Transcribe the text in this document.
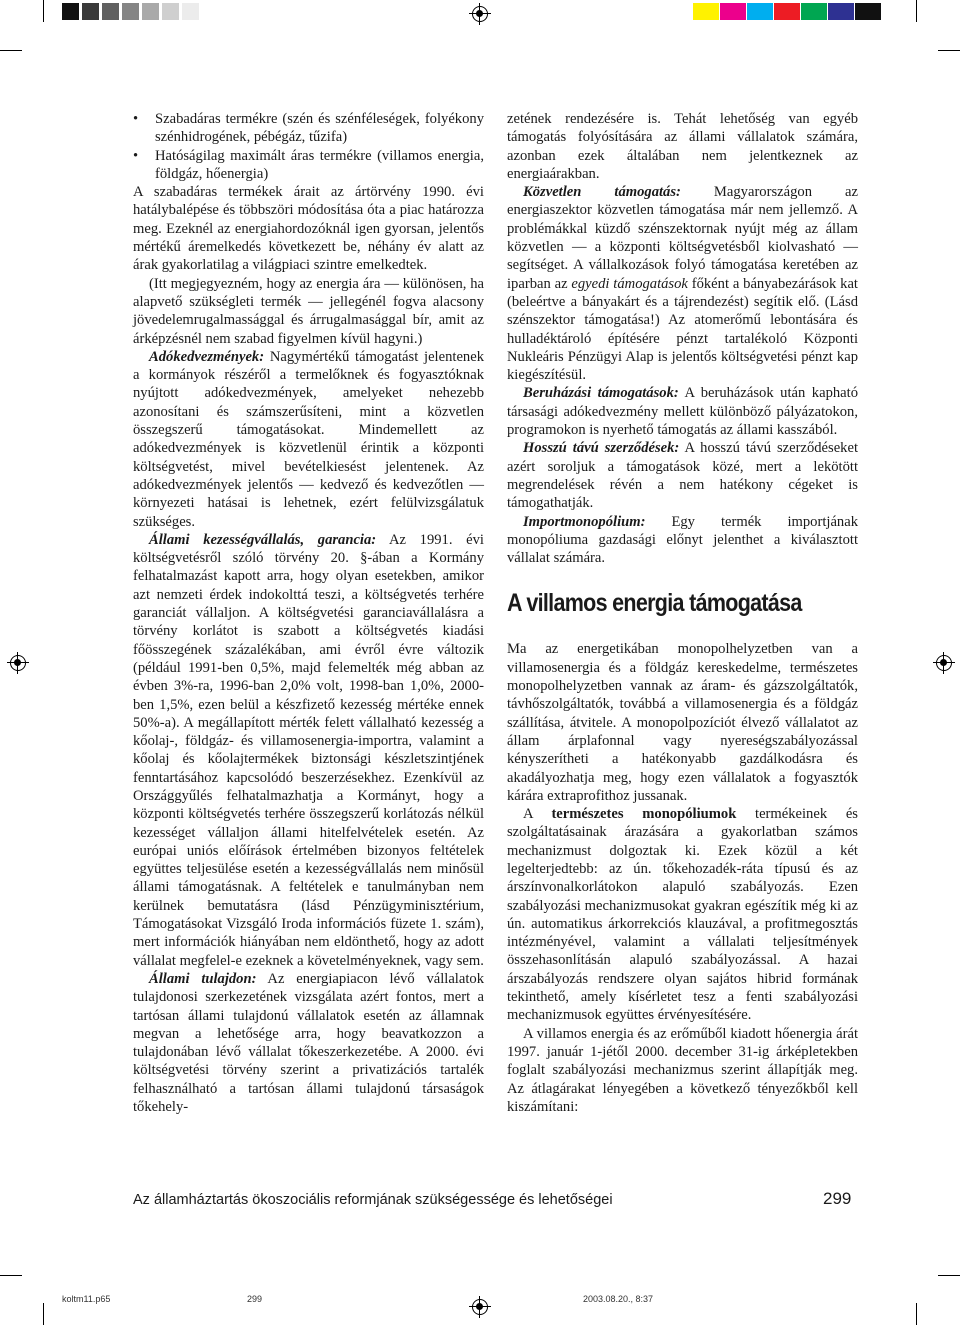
• Szabadáras termékre (szén és szénféleségek, folyékony szénhidrogének, pébégáz, tűzifa)

• Hatóságilag maximált áras termékre (villamos energia, földgáz, hőenergia)

A szabadáras termékek árait az ártörvény 1990. évi hatálybalépése és többszöri módosítása óta a piac határozza meg. Ezeknél az energiahordozóknál igen gyorsan, jelentős mértékű áremelkedés következett be, néhány év alatt az árak gyakorlatilag a világpiaci szintre emelkedtek.

(Itt megjegyezném, hogy az energia ára — különösen, ha alapvető szükségleti termék — jellegénél fogva alacsony jövedelemrugalmassággal és árrugalmasággal bír, amit az árképzésnél nem szabad figyelmen kívül hagyni.)

Adókedvezmények: Nagymértékű támogatást jelentenek a kormányok részéről a termelőknek és fogyasztóknak nyújtott adókedvezmények, amelyeket nehezebb azonosítani és számszerűsíteni, mint a közvetlen összegszerű támogatásokat. Mindemellett az adókedvezmények is közvetlenül érintik a központi költségvetést, mivel bevételkiesést jelentenek. Az adókedvezmények jelentős — kedvező és kedvezőtlen — környezeti hatásai is lehetnek, ezért felülvizsgálatuk szükséges.

Állami kezességvállalás, garancia: Az 1991. évi költségvetésről szóló törvény 20. §-ában a Kormány felhatalmazást kapott arra, hogy olyan esetekben, amikor azt nemzeti érdek indokolttá teszi, a költségvetés terhére garanciát vállaljon. A költségvetési garanciavállalásra a törvény korlátot is szabott a költségvetés kiadási főösszegének százalékában, ami évről évre változik (például 1991-ben 0,5%, majd felemelték még abban az évben 3%-ra, 1996-ban 2,0% volt, 1998-ban 1,0%, 2000-ben 1,5%, ezen belül a készfizető kezesség mértéke ennek 50%-a). A megállapított mérték felett vállalható kezesség a kőolaj-, földgáz- és villamosenergia-importra, valamint a kőolaj és kőolajtermékek biztonsági készletszintjének fenntartásához kapcsolódó beszerzésekhez. Ezenkívül az Országgyűlés felhatalmazhatja a Kormányt, hogy a központi költségvetés terhére összegszerű korlátozás nélkül kezességet vállaljon állami hitelfelvételek esetén. Az európai uniós előírások értelmében bizonyos feltételek együttes teljesülése esetén a kezességvállalás nem minősül állami támogatásnak. A feltételek e tanulmányban nem kerülnek bemutatásra (lásd Pénzügyminisztérium, Támogatásokat Vizsgáló Iroda információs füzete 1. szám), mert információk hiányában nem eldönthető, hogy az adott vállalat megfelel-e ezeknek a követelményeknek, vagy sem.

Állami tulajdon: Az energiapiacon lévő vállalatok tulajdonosi szerkezetének vizsgálata azért fontos, mert a tartósan állami tulajdonú vállalatok esetén az államnak megvan a lehetősége arra, hogy beavatkozzon a tulajdonában lévő vállalat tőkeszerkezetébe. A 2000. évi költségvetési törvény szerint a privatizációs tartalék felhasználható a tartósan állami tulajdonú társaságok tőkehely-

zetének rendezésére is. Tehát lehetőség van egyéb támogatás folyósítására az állami vállalatok számára, azonban ezek általában nem jelentkeznek az energiaárakban.

Közvetlen támogatás: Magyarországon az energiaszektor közvetlen támogatása már nem jellemző. A problémákkal küzdő szénszektornak nyújt még az állam közvetlen — a központi költségvetésből kiolvasható — segítséget. A vállalkozások folyó támogatása keretében az iparban az egyedi támogatások főként a bányabezárások kat (beleértve a bányakárt és a tájrendezést) segítik elő. (Lásd szénszektor támogatása!) Az atomerőmű lebontására és hulladéktároló építésére pénzt tartalékoló Központi Nukleáris Pénzügyi Alap is jelentős költségvetési pénzt kap kiegészítésül.

Beruházási támogatások: A beruházások után kapható társasági adókedvezmény mellett különböző pályázatokon, programokon is nyerhető támogatás az állami kasszából.

Hosszú távú szerződések: A hosszú távú szerződéseket azért soroljuk a támogatások közé, mert a lekötött megrendelések révén a nem hatékony cégeket is támogathatják.

Importmonopólium: Egy termék importjának monopóliuma gazdasági előnyt jelenthet a kiválasztott vállalat számára.

A villamos energia támogatása

Ma az energetikában monopolhelyzetben van a villamosenergia és a földgáz kereskedelme, természetes monopolhelyzetben vannak az áram- és gázszolgáltatók, távhőszolgáltatók, továbbá a villamosenergia és a földgáz szállítása, átvitele. A monopolpozíciót élvező vállalatot az állam árplafonnal vagy nyereségszabályozással kényszerítheti a hatékonyabb gazdálkodásra és akadályozhatja meg, hogy ezen vállalatok a fogyasztók kárára extraprofithoz jussanak.

A természetes monopóliumok termékeinek és szolgáltatásainak árazására a gyakorlatban számos mechanizmust dolgoztak ki. Ezek közül a két legelterjedtebb: az ún. tőkehozadék-ráta típusú és az árszínvonalkorlátokon alapuló szabályozás. Ezen szabályozási mechanizmusokat gyakran egészítik még ki az ún. automatikus árkorrekciós klauzával, a profitmegosztás intézményével, valamint a vállalati teljesítmények összehasonlításán alapuló szabályozással. A hazai árszabályozás rendszere olyan sajátos hibrid formának tekinthető, amely kísérletet tesz a fenti szabályozási mechanizmusok együttes érvényesítésére.

A villamos energia és az erőműből kiadott hőenergia árát 1997. január 1-jétől 2000. december 31-ig árképletekben foglalt szabályozási mechanizmus szerint állapítják meg. Az átlagárakat lényegében a következő tényezőkből kell kiszámítani:

Az államháztartás ökoszociális reformjának szükségessége és lehetőségei	299
koltm11.p65	299	2003.08.20., 8:37
